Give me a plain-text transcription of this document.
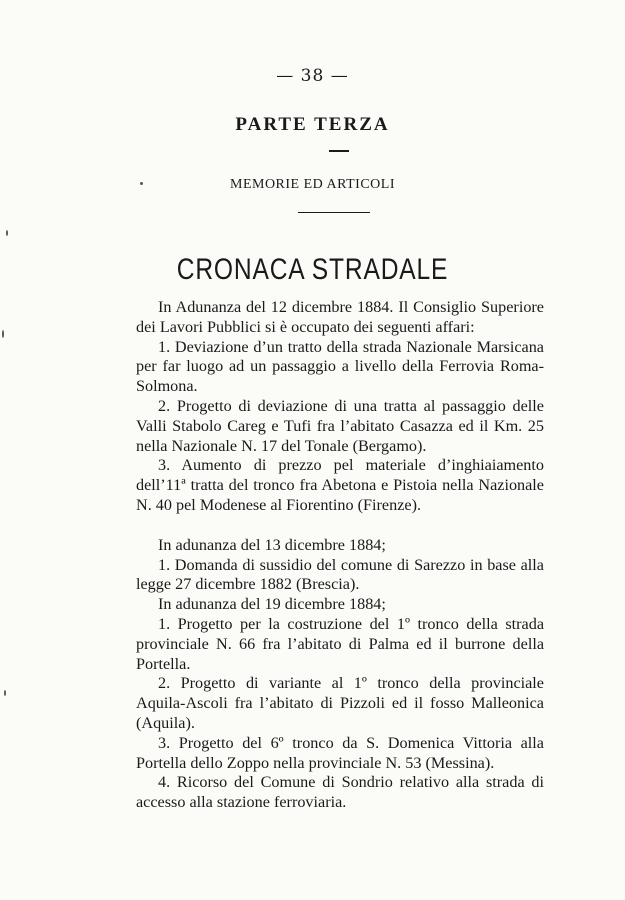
— 38 —
PARTE TERZA
MEMORIE ED ARTICOLI
CRONACA STRADALE

In Adunanza del 12 dicembre 1884. Il Consiglio Superiore dei Lavori Pubblici si è occupato dei seguenti affari:

1. Deviazione d’un tratto della strada Nazionale Marsicana per far luogo ad un passaggio a livello della Ferrovia Roma-Solmona.

2. Progetto di deviazione di una tratta al passaggio delle Valli Stabolo Careg e Tufi fra l’abitato Casazza ed il Km. 25 nella Nazionale N. 17 del Tonale (Bergamo).

3. Aumento di prezzo pel materiale d’inghiaiamento dell’11ª tratta del tronco fra Abetona e Pistoia nella Nazionale N. 40 pel Modenese al Fiorentino (Firenze).

In adunanza del 13 dicembre 1884;

1. Domanda di sussidio del comune di Sarezzo in base alla legge 27 dicembre 1882 (Brescia).

In adunanza del 19 dicembre 1884;

1. Progetto per la costruzione del 1º tronco della strada provinciale N. 66 fra l’abitato di Palma ed il burrone della Portella.

2. Progetto di variante al 1º tronco della provinciale Aquila-Ascoli fra l’abitato di Pizzoli ed il fosso Malleonica (Aquila).

3. Progetto del 6º tronco da S. Domenica Vittoria alla Portella dello Zoppo nella provinciale N. 53 (Messina).

4. Ricorso del Comune di Sondrio relativo alla strada di accesso alla stazione ferroviaria.
